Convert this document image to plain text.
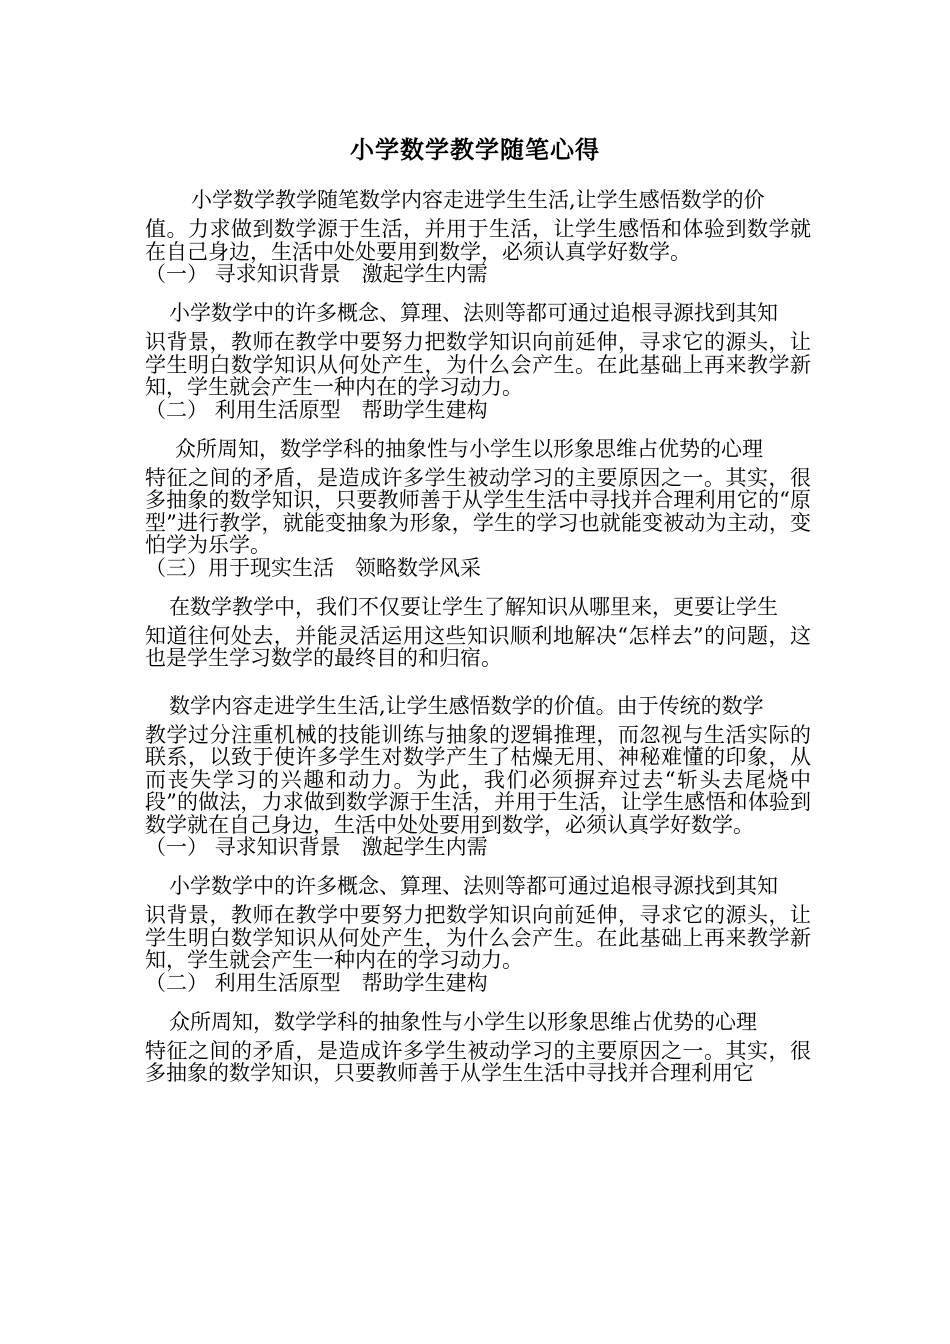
小学数学教学随笔心得
小学数学教学随笔数学内容走进学生生活,让学生感悟数学的价
值。力求做到数学源于生活，并用于生活，让学生感悟和体验到数学就在自己身边，生活中处处要用到数学，必须认真学好数学。
（一） 寻求知识背景　激起学生内需
小学数学中的许多概念、算理、法则等都可通过追根寻源找到其知
识背景，教师在教学中要努力把数学知识向前延伸，寻求它的源头，让学生明白数学知识从何处产生，为什么会产生。在此基础上再来教学新知，学生就会产生一种内在的学习动力。
（二） 利用生活原型　帮助学生建构
众所周知，数学学科的抽象性与小学生以形象思维占优势的心理
特征之间的矛盾，是造成许多学生被动学习的主要原因之一。其实，很多抽象的数学知识，只要教师善于从学生生活中寻找并合理利用它的“原型”进行教学，就能变抽象为形象，学生的学习也就能变被动为主动，变怕学为乐学。
（三）用于现实生活　领略数学风采
在数学教学中，我们不仅要让学生了解知识从哪里来，更要让学生
知道往何处去，并能灵活运用这些知识顺利地解决“怎样去”的问题，这也是学生学习数学的最终目的和归宿。
数学内容走进学生生活,让学生感悟数学的价值。由于传统的数学
教学过分注重机械的技能训练与抽象的逻辑推理，而忽视与生活实际的联系，以致于使许多学生对数学产生了枯燥无用、神秘难懂的印象，从而丧失学习的兴趣和动力。为此，我们必须摒弃过去“斩头去尾烧中段”的做法，力求做到数学源于生活，并用于生活，让学生感悟和体验到数学就在自己身边，生活中处处要用到数学，必须认真学好数学。
（一） 寻求知识背景　激起学生内需
小学数学中的许多概念、算理、法则等都可通过追根寻源找到其知
识背景，教师在教学中要努力把数学知识向前延伸，寻求它的源头，让学生明白数学知识从何处产生，为什么会产生。在此基础上再来教学新知，学生就会产生一种内在的学习动力。
（二） 利用生活原型　帮助学生建构
众所周知，数学学科的抽象性与小学生以形象思维占优势的心理
特征之间的矛盾，是造成许多学生被动学习的主要原因之一。其实，很多抽象的数学知识，只要教师善于从学生生活中寻找并合理利用它
